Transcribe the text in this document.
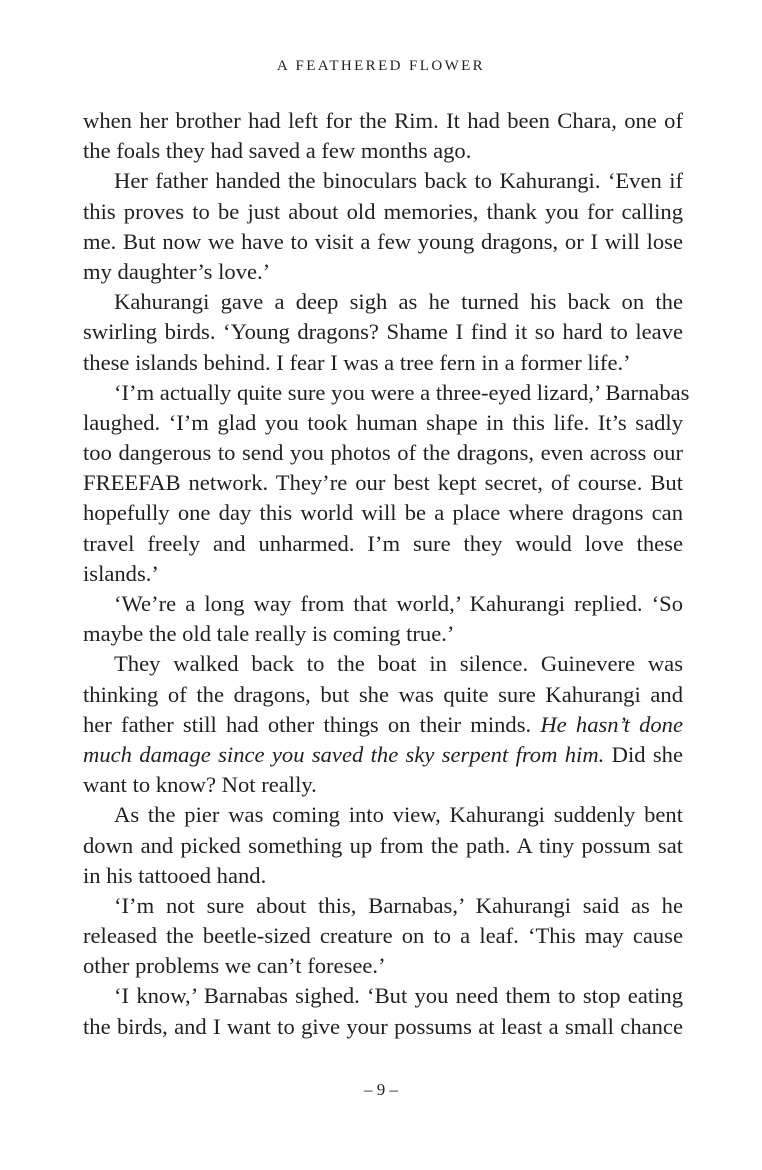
A FEATHERED FLOWER
when her brother had left for the Rim. It had been Chara, one of
the foals they had saved a few months ago.
Her father handed the binoculars back to Kahurangi. ‘Even if
this proves to be just about old memories, thank you for calling
me. But now we have to visit a few young dragons, or I will lose
my daughter’s love.’
Kahurangi gave a deep sigh as he turned his back on the
swirling birds. ‘Young dragons? Shame I find it so hard to leave
these islands behind. I fear I was a tree fern in a former life.’
‘I’m actually quite sure you were a three-eyed lizard,’ Barnabas
laughed. ‘I’m glad you took human shape in this life. It’s sadly
too dangerous to send you photos of the dragons, even across our
FREEFAB network. They’re our best kept secret, of course. But
hopefully one day this world will be a place where dragons can
travel freely and unharmed. I’m sure they would love these
islands.’
‘We’re a long way from that world,’ Kahurangi replied. ‘So
maybe the old tale really is coming true.’
They walked back to the boat in silence. Guinevere was
thinking of the dragons, but she was quite sure Kahurangi and
her father still had other things on their minds. He hasn’t done
much damage since you saved the sky serpent from him. Did she
want to know? Not really.
As the pier was coming into view, Kahurangi suddenly bent
down and picked something up from the path. A tiny possum sat
in his tattooed hand.
‘I’m not sure about this, Barnabas,’ Kahurangi said as he
released the beetle-sized creature on to a leaf. ‘This may cause
other problems we can’t foresee.’
‘I know,’ Barnabas sighed. ‘But you need them to stop eating
the birds, and I want to give your possums at least a small chance
– 9 –
